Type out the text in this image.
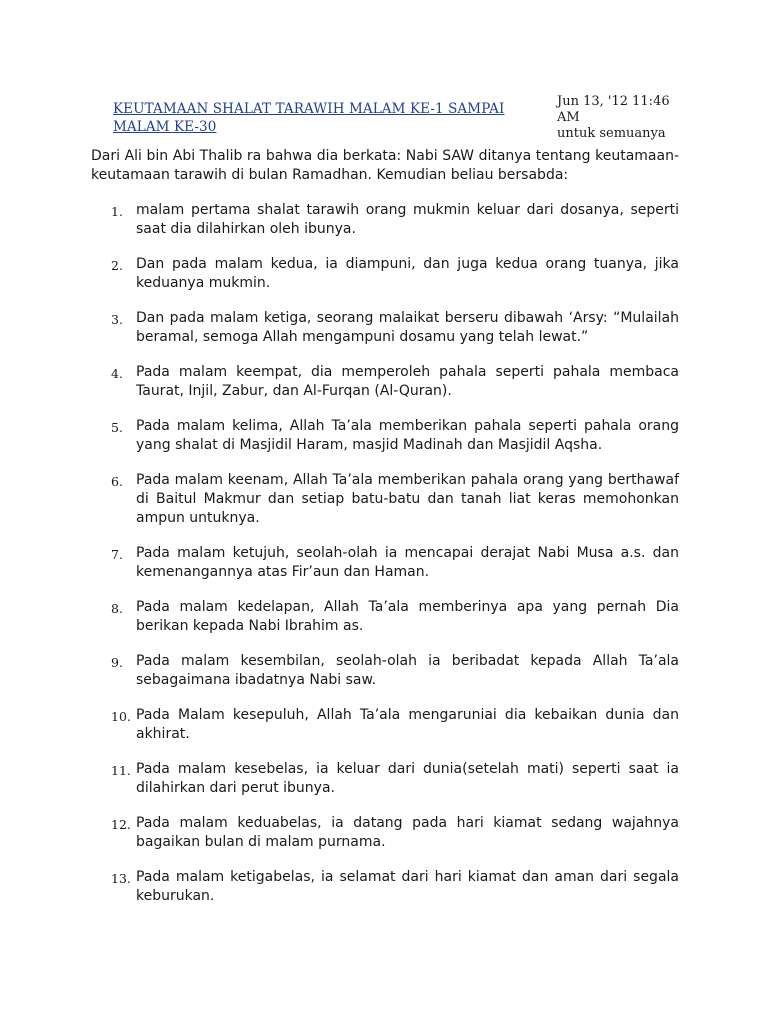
KEUTAMAAN SHALAT TARAWIH MALAM KE-1 SAMPAI
MALAM KE-30
Jun 13, '12 11:46
AM
untuk semuanya

Dari Ali bin Abi Thalib ra bahwa dia berkata: Nabi SAW ditanya tentang keutamaan-keutamaan tarawih di bulan Ramadhan. Kemudian beliau bersabda:

1. malam pertama shalat tarawih orang mukmin keluar dari dosanya, seperti saat dia dilahirkan oleh ibunya.
2. Dan pada malam kedua, ia diampuni, dan juga kedua orang tuanya, jika keduanya mukmin.
3. Dan pada malam ketiga, seorang malaikat berseru dibawah ‘Arsy: “Mulailah beramal, semoga Allah mengampuni dosamu yang telah lewat.”
4. Pada malam keempat, dia memperoleh pahala seperti pahala membaca Taurat, Injil, Zabur, dan Al-Furqan (Al-Quran).
5. Pada malam kelima, Allah Ta’ala memberikan pahala seperti pahala orang yang shalat di Masjidil Haram, masjid Madinah dan Masjidil Aqsha.
6. Pada malam keenam, Allah Ta’ala memberikan pahala orang yang berthawaf di Baitul Makmur dan setiap batu-batu dan tanah liat keras memohonkan ampun untuknya.
7. Pada malam ketujuh, seolah-olah ia mencapai derajat Nabi Musa a.s. dan kemenangannya atas Fir’aun dan Haman.
8. Pada malam kedelapan, Allah Ta’ala memberinya apa yang pernah Dia berikan kepada Nabi Ibrahim as.
9. Pada malam kesembilan, seolah-olah ia beribadat kepada Allah Ta’ala sebagaimana ibadatnya Nabi saw.
10. Pada Malam kesepuluh, Allah Ta’ala mengaruniai dia kebaikan dunia dan akhirat.
11. Pada malam kesebelas, ia keluar dari dunia(setelah mati) seperti saat ia dilahirkan dari perut ibunya.
12. Pada malam keduabelas, ia datang pada hari kiamat sedang wajahnya bagaikan bulan di malam purnama.
13. Pada malam ketigabelas, ia selamat dari hari kiamat dan aman dari segala keburukan.
